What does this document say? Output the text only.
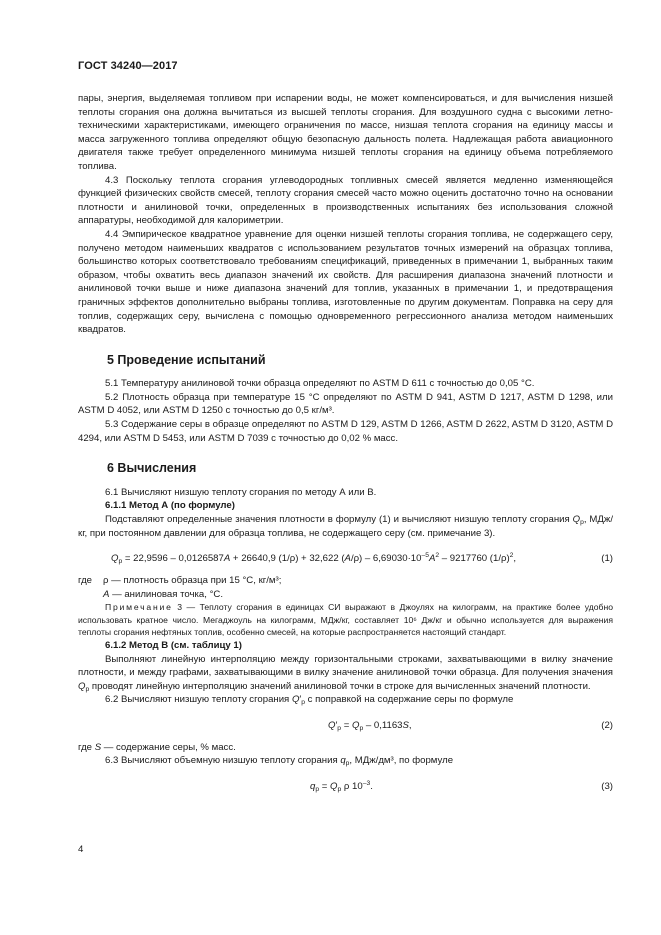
ГОСТ 34240—2017

пары, энергия, выделяемая топливом при испарении воды, не может компенсироваться, и для вычисления низшей теплоты сгорания она должна вычитаться из высшей теплоты сгорания. Для воздушного судна с высокими летно-техническими характеристиками, имеющего ограничения по массе, низшая теплота сгорания на единицу массы и масса загруженного топлива определяют общую безопасную дальность полета. Надлежащая работа авиационного двигателя также требует определенного минимума низшей теплоты сгорания на единицу объема потребляемого топлива.

4.3 Поскольку теплота сгорания углеводородных топливных смесей является медленно изменяющейся функцией физических свойств смесей, теплоту сгорания смесей часто можно оценить достаточно точно на основании плотности и анилиновой точки, определенных в производственных испытаниях без использования сложной аппаратуры, необходимой для калориметрии.

4.4 Эмпирическое квадратное уравнение для оценки низшей теплоты сгорания топлива, не содержащего серу, получено методом наименьших квадратов с использованием результатов точных измерений на образцах топлива, большинство которых соответствовало требованиям спецификаций, приведенных в примечании 1, выбранных таким образом, чтобы охватить весь диапазон значений их свойств. Для расширения диапазона значений плотности и анилиновой точки выше и ниже диапазона значений для топлив, указанных в примечании 1, и предотвращения граничных эффектов дополнительно выбраны топлива, изготовленные по другим документам. Поправка на серу для топлив, содержащих серу, вычислена с помощью одновременного регрессионного анализа методом наименьших квадратов.

5 Проведение испытаний

5.1 Температуру анилиновой точки образца определяют по ASTM D 611 с точностью до 0,05 °C.

5.2 Плотность образца при температуре 15 °C определяют по ASTM D 941, ASTM D 1217, ASTM D 1298, или ASTM D 4052, или ASTM D 1250 с точностью до 0,5 кг/м³.

5.3 Содержание серы в образце определяют по ASTM D 129, ASTM D 1266, ASTM D 2622, ASTM D 3120, ASTM D 4294, или ASTM D 5453, или ASTM D 7039 с точностью до 0,02 % масс.

6 Вычисления

6.1 Вычисляют низшую теплоту сгорания по методу А или В.

6.1.1 Метод А (по формуле)

Подставляют определенные значения плотности в формулу (1) и вычисляют низшую теплоту сгорания $Q_р$, МДж/кг, при постоянном давлении для образца топлива, не содержащего серу (см. примечание 3).

$Q_р = 22,9596 - 0,0126587A + 26640,9$ (1/ρ) + 32,622 $(A/\rho) - 6,69030\cdot 10^{-5}A^2 - 9217760$ $(1/\rho)^2$,	(1)
где ρ — плотность образца при 15 °C, кг/м³;
A — анилиновая точка, °C.

Примечание 3 — Теплоту сгорания в единицах СИ выражают в Джоулях на килограмм, на практике более удобно использовать кратное число. Мегаджоуль на килограмм, МДж/кг, составляет 10⁶ Дж/кг и обычно используется для выражения теплоты сгорания нефтяных топлив, особенно смесей, на которые распространяется настоящий стандарт.

6.1.2 Метод В (см. таблицу 1)

Выполняют линейную интерполяцию между горизонтальными строками, захватывающими в вилку значение плотности, и между графами, захватывающими в вилку значение анилиновой точки образца. Для получения значения $Q_р$ проводят линейную интерполяцию значений анилиновой точки в строке для вычисленных значений плотности.

6.2 Вычисляют низшую теплоту сгорания $Q'_р$ с поправкой на содержание серы по формуле

$Q'_р = Q_р - 0,1163S$,	(2)

где S — содержание серы, % масс.

6.3 Вычисляют объемную низшую теплоту сгорания $q_р$, МДж/дм³, по формуле

$q_р = Q_р$ ρ $10^{-3}$.	(3)
4
